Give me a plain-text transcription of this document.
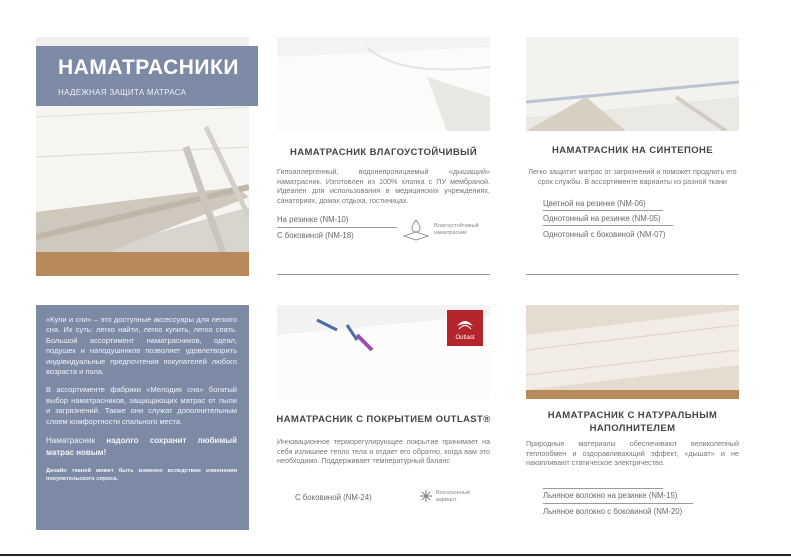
НАМАТРАСНИКИ
НАДЕЖНАЯ ЗАЩИТА МАТРАСА
НАМАТРАСНИК ВЛАГОУСТОЙЧИВЫЙ
Гипоаллергенный, водонепроницаемый «дышащий» наматрасник. Изготовлен из 100% хлопка с ПУ мембраной. Идеален для использования в медицинских учреждениях, санаториях, домах отдыха, гостиницах.
На резинке (NM-10)
С боковиной (NM-18)
Влагоустойчивый наматрасник
НАМАТРАСНИК НА СИНТЕПОНЕ
Легко защитит матрас от загрязнений и поможет продлить его срок службы. В ассортименте варианты из разной ткани
Цветной на резинке (NM-06)
Однотонный на резинке (NM-05)
Однотонный с боковиной (NM-07)

«Купи и спи» – это доступные аксессуары для легкого сна. Их суть: легко найти, легко купить, легко спать. Большой ассортимент наматрасников, одеял, подушек и наподушников позволяет удовлетворить индивидуальные предпочтения покупателей любого возраста и пола.

В ассортименте фабрики «Мелодия сна» богатый выбор наматрасников, защищающих матрас от пыли и загрязнений. Также они служат дополнительным слоем комфортности спального места.

Наматрасник надолго сохранит любимый матрас новым!

Дизайн тканей может быть изменен вследствие изменения покупательского спроса.

Outlast
НАМАТРАСНИК С ПОКРЫТИЕМ OUTLAST®
Инновационное терморегулирующее покрытие принимает на себя излишнее тепло тела и отдает его обратно, когда вам это необходимо. Поддерживает температурный баланс
С боковиной (NM-24)	Всесезонный вариант
НАМАТРАСНИК С НАТУРАЛЬНЫМ НАПОЛНИТЕЛЕМ
Природные материалы обеспечивают великолепный теплообмен и оздоравливающий эффект, «дышат» и не накапливают статическое электричество.
Льняное волокно на резинке (NM-15)
Льняное волокно с боковиной (NM-20)
